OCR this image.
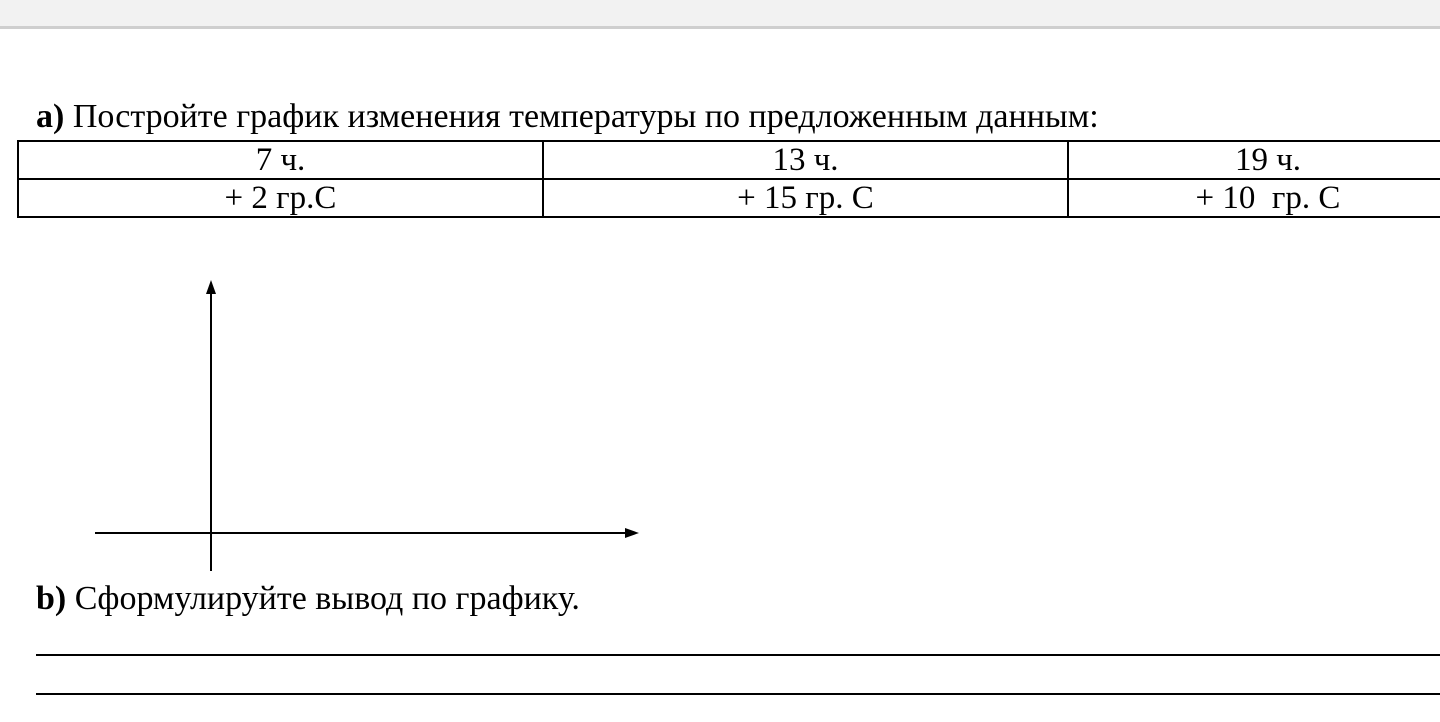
a) Постройте график изменения температуры по предложенным данным:
7 ч.	13 ч.	19 ч.
+ 2 гр.С	+ 15 гр. С	+ 10  гр. С
b) Сформулируйте вывод по графику.
